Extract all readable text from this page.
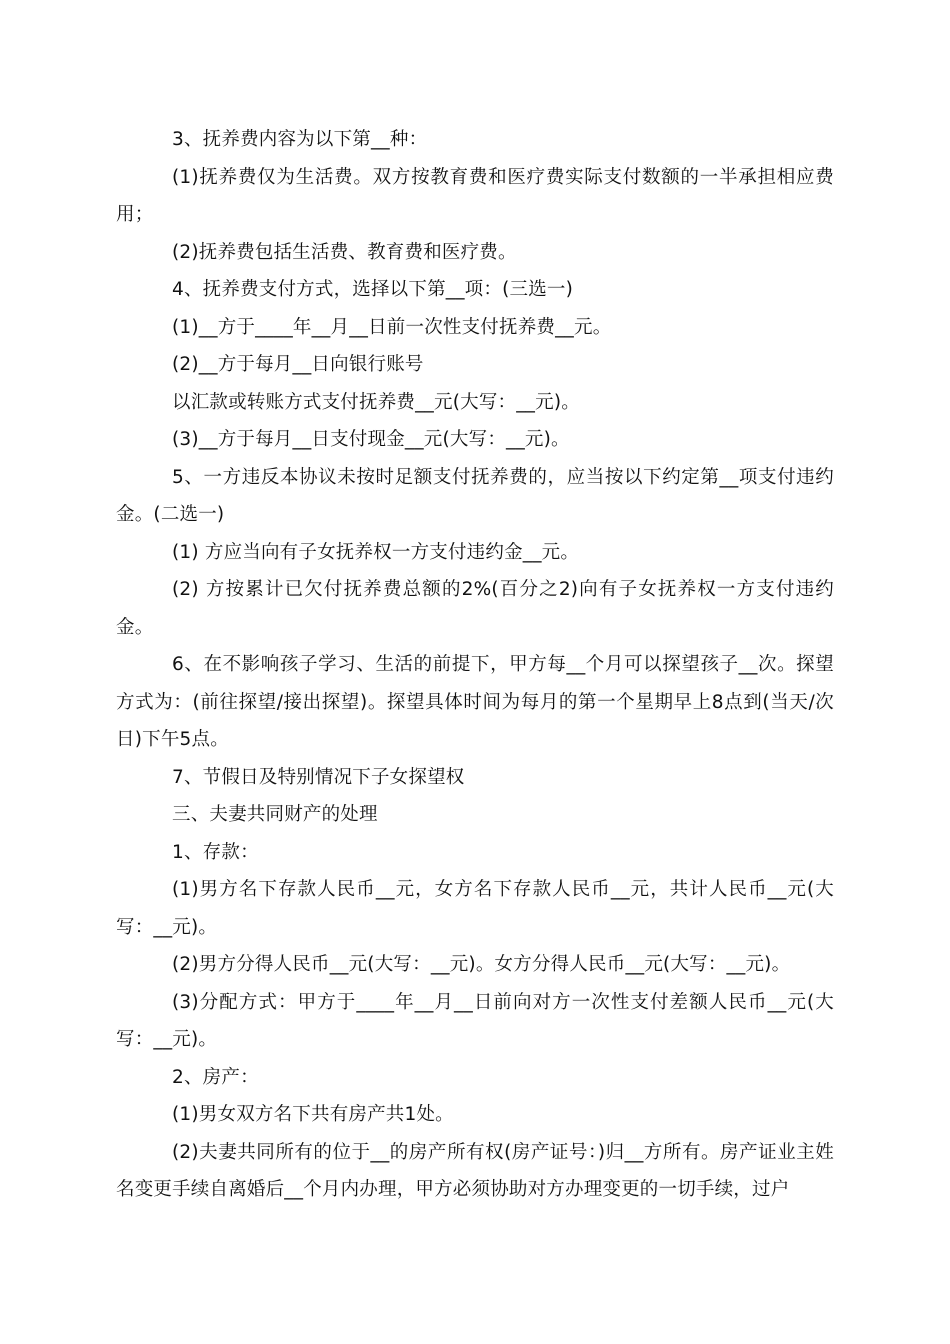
3、抚养费内容为以下第__种：

(1)抚养费仅为生活费。双方按教育费和医疗费实际支付数额的一半承担相应费用；

(2)抚养费包括生活费、教育费和医疗费。

4、抚养费支付方式，选择以下第__项：(三选一)

(1)__方于____年__月__日前一次性支付抚养费__元。

(2)__方于每月__日向银行账号

以汇款或转账方式支付抚养费__元(大写：__元)。

(3)__方于每月__日支付现金__元(大写：__元)。

5、一方违反本协议未按时足额支付抚养费的，应当按以下约定第__项支付违约金。(二选一)

(1) 方应当向有子女抚养权一方支付违约金__元。

(2) 方按累计已欠付抚养费总额的2%(百分之2)向有子女抚养权一方支付违约金。

6、在不影响孩子学习、生活的前提下，甲方每__个月可以探望孩子__次。探望方式为：(前往探望/接出探望)。探望具体时间为每月的第一个星期早上8点到(当天/次日)下午5点。

7、节假日及特别情况下子女探望权

三、夫妻共同财产的处理

1、存款：

(1)男方名下存款人民币__元，女方名下存款人民币__元，共计人民币__元(大写：__元)。

(2)男方分得人民币__元(大写：__元)。女方分得人民币__元(大写：__元)。

(3)分配方式：甲方于____年__月__日前向对方一次性支付差额人民币__元(大写：__元)。

2、房产：

(1)男女双方名下共有房产共1处。

(2)夫妻共同所有的位于__的房产所有权(房产证号：)归__方所有。房产证业主姓名变更手续自离婚后__个月内办理，甲方必须协助对方办理变更的一切手续，过户
